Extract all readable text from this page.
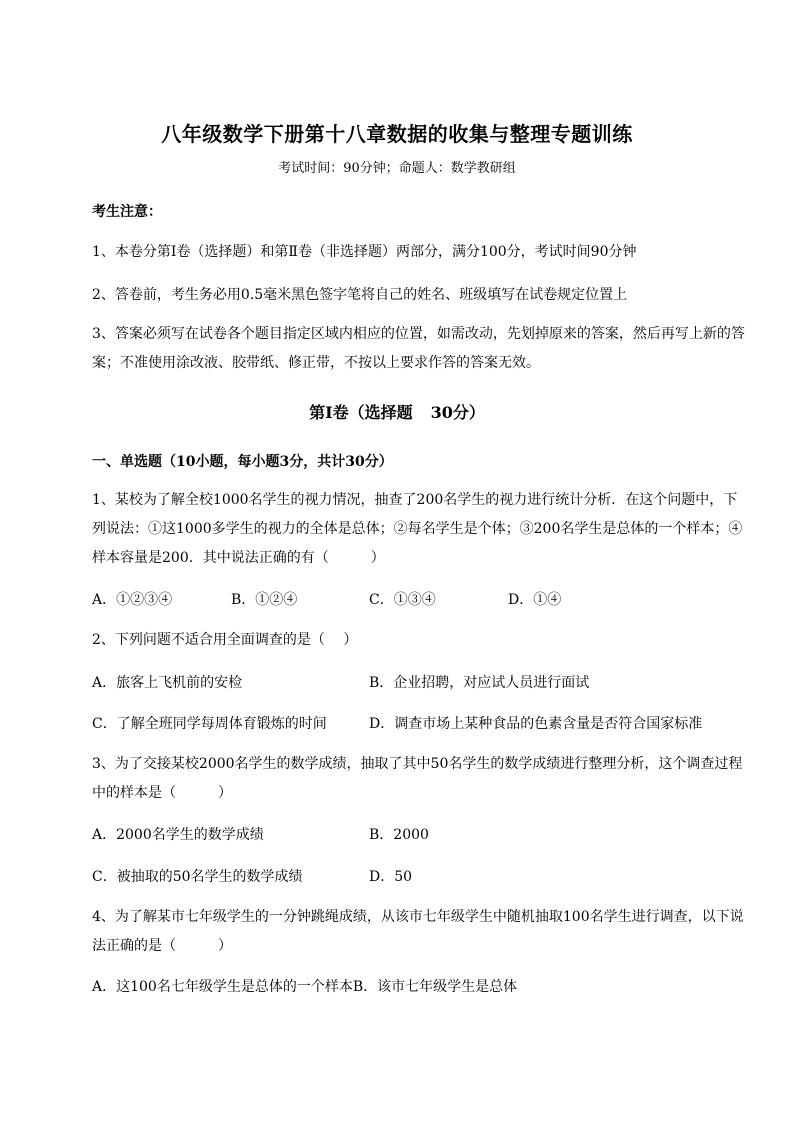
八年级数学下册第十八章数据的收集与整理专题训练
考试时间：90分钟；命题人：数学教研组
考生注意：
1、本卷分第I卷（选择题）和第Ⅱ卷（非选择题）两部分，满分100分，考试时间90分钟
2、答卷前，考生务必用0.5毫米黑色签字笔将自己的姓名、班级填写在试卷规定位置上
3、答案必须写在试卷各个题目指定区域内相应的位置，如需改动，先划掉原来的答案，然后再写上新的答案；不准使用涂改液、胶带纸、修正带，不按以上要求作答的答案无效。
第I卷（选择题 30分）
一、单选题（10小题，每小题3分，共计30分）
1、某校为了解全校1000名学生的视力情况，抽查了200名学生的视力进行统计分析．在这个问题中，下列说法：①这1000多学生的视力的全体是总体；②每名学生是个体；③200名学生是总体的一个样本；④样本容量是200．其中说法正确的有（　　　）
A．①②③④	B．①②④	C．①③④	D．①④
2、下列问题不适合用全面调查的是（　 ）
A．旅客上飞机前的安检	B．企业招聘，对应试人员进行面试
C．了解全班同学每周体育锻炼的时间	D．调查市场上某种食品的色素含量是否符合国家标准
3、为了交接某校2000名学生的数学成绩，抽取了其中50名学生的数学成绩进行整理分析，这个调查过程中的样本是（　　　）
A．2000名学生的数学成绩	B．2000
C．被抽取的50名学生的数学成绩	D．50
4、为了解某市七年级学生的一分钟跳绳成绩，从该市七年级学生中随机抽取100名学生进行调查，以下说法正确的是（　　　）
A．这100名七年级学生是总体的一个样本B．该市七年级学生是总体
